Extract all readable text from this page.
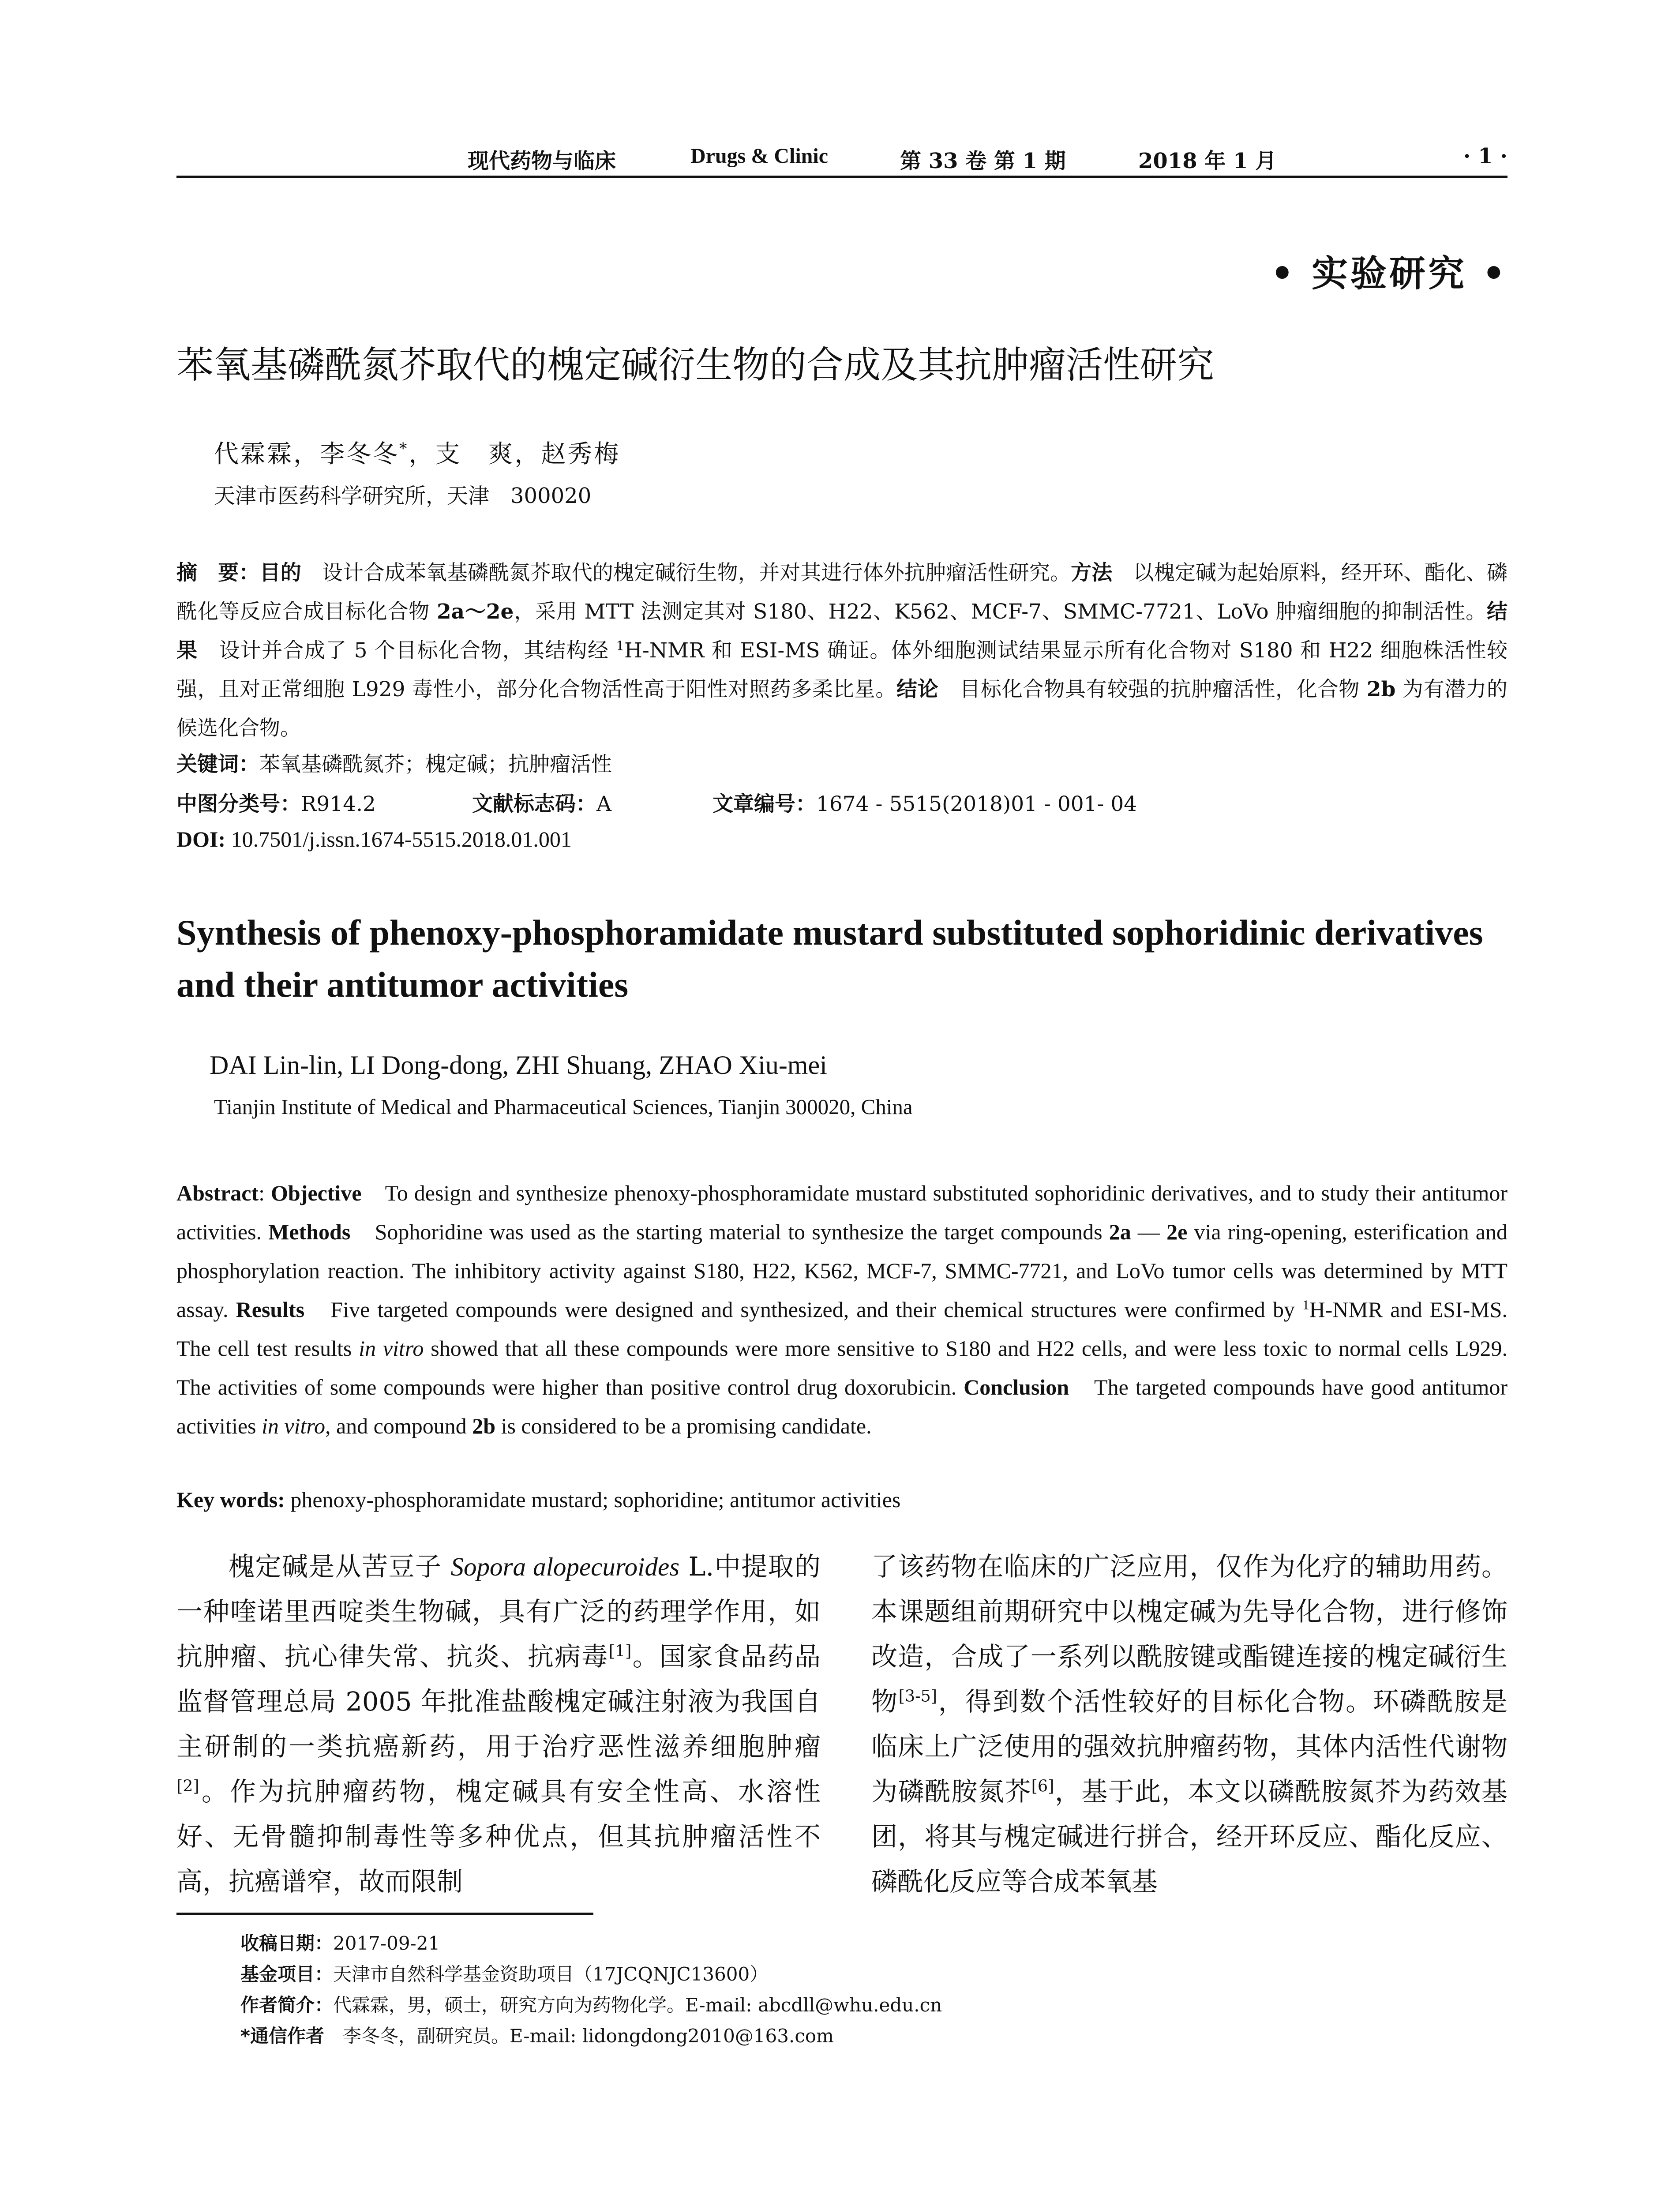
现代药物与临床	Drugs & Clinic	第 33 卷 第 1 期	2018 年 1 月	· 1 ·
• 实验研究 •
苯氧基磷酰氮芥取代的槐定碱衍生物的合成及其抗肿瘤活性研究
代霖霖，李冬冬*，支　爽，赵秀梅
天津市医药科学研究所，天津　300020
摘　要：目的　 设计合成苯氧基磷酰氮芥取代的槐定碱衍生物，并对其进行体外抗肿瘤活性研究。方法　 以槐定碱为起始原料，经开环、酯化、磷酰化等反应合成目标化合物 2a～2e，采用 MTT 法测定其对 S180、H22、K562、MCF-7、SMMC-7721、LoVo 肿瘤细胞的抑制活性。结果　 设计并合成了 5 个目标化合物，其结构经 $^1$H-NMR 和 ESI-MS 确证。体外细胞测试结果显示所有化合物对 S180 和 H22 细胞株活性较强，且对正常细胞 L929 毒性小，部分化合物活性高于阳性对照药多柔比星。结论　 目标化合物具有较强的抗肿瘤活性，化合物 2b 为有潜力的候选化合物。
关键词：苯氧基磷酰氮芥；槐定碱；抗肿瘤活性
中图分类号：R914.2	文献标志码：A	文章编号：1674 - 5515(2018)01 - 001- 04
DOI: 10.7501/j.issn.1674-5515.2018.01.001
Synthesis of phenoxy-phosphoramidate mustard substituted sophoridinic derivatives and their antitumor activities
DAI Lin-lin, LI Dong-dong, ZHI Shuang, ZHAO Xiu-mei
Tianjin Institute of Medical and Pharmaceutical Sciences, Tianjin 300020, China
Abstract: Objective　To design and synthesize phenoxy-phosphoramidate mustard substituted sophoridinic derivatives, and to study their antitumor activities. Methods　Sophoridine was used as the starting material to synthesize the target compounds 2a — 2e via ring-opening, esterification and phosphorylation reaction. The inhibitory activity against S180, H22, K562, MCF-7, SMMC-7721, and LoVo tumor cells was determined by MTT assay. Results　Five targeted compounds were designed and synthesized, and their chemical structures were confirmed by $^1$H-NMR and ESI-MS. The cell test results in vitro showed that all these compounds were more sensitive to S180 and H22 cells, and were less toxic to normal cells L929. The activities of some compounds were higher than positive control drug doxorubicin. Conclusion　The targeted compounds have good antitumor activities in vitro, and compound 2b is considered to be a promising candidate.
Key words: phenoxy-phosphoramidate mustard; sophoridine; antitumor activities
槐定碱是从苦豆子 Sopora alopecuroides L.中提取的一种喹诺里西啶类生物碱，具有广泛的药理学作用，如抗肿瘤、抗心律失常、抗炎、抗病毒[1]。国家食品药品监督管理总局 2005 年批准盐酸槐定碱注射液为我国自主研制的一类抗癌新药，用于治疗恶性滋养细胞肿瘤[2]。作为抗肿瘤药物，槐定碱具有安全性高、水溶性好、无骨髓抑制毒性等多种优点，但其抗肿瘤活性不高，抗癌谱窄，故而限制
了该药物在临床的广泛应用，仅作为化疗的辅助用药。本课题组前期研究中以槐定碱为先导化合物，进行修饰改造，合成了一系列以酰胺键或酯键连接的槐定碱衍生物[3-5]，得到数个活性较好的目标化合物。环磷酰胺是临床上广泛使用的强效抗肿瘤药物，其体内活性代谢物为磷酰胺氮芥[6]，基于此，本文以磷酰胺氮芥为药效基团，将其与槐定碱进行拼合，经开环反应、酯化反应、磷酰化反应等合成苯氧基
收稿日期：2017-09-21
基金项目：天津市自然科学基金资助项目（17JCQNJC13600）
作者简介：代霖霖，男，硕士，研究方向为药物化学。E-mail: abcdll@whu.edu.cn
*通信作者　李冬冬，副研究员。E-mail: lidongdong2010@163.com
